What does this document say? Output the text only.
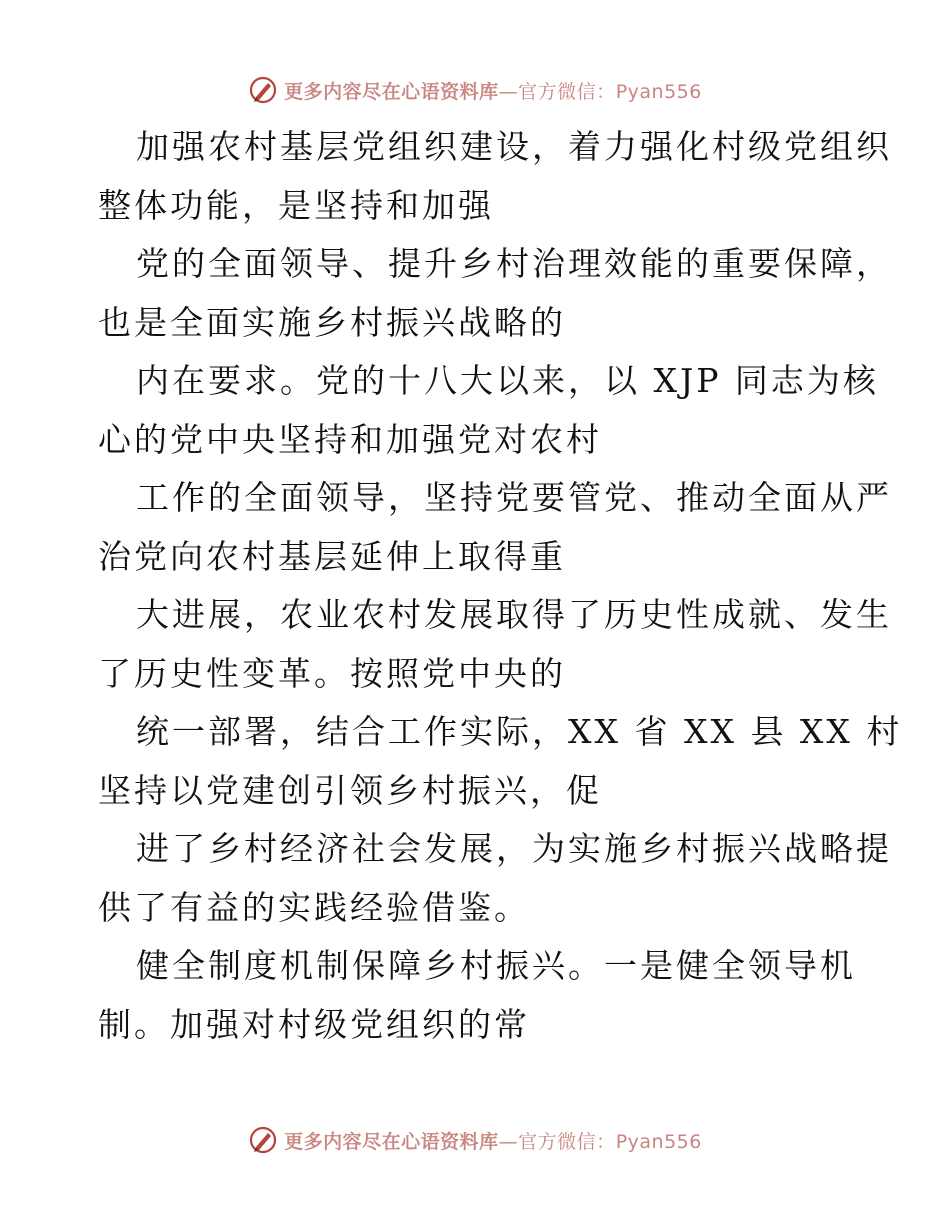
更多内容尽在心语资料库—官方微信：Pyan556

加强农村基层党组织建设，着力强化村级党组织
整体功能，是坚持和加强

党的全面领导、提升乡村治理效能的重要保障，
也是全面实施乡村振兴战略的

内在要求。党的十八大以来，以 XJP 同志为核
心的党中央坚持和加强党对农村

工作的全面领导，坚持党要管党、推动全面从严
治党向农村基层延伸上取得重

大进展，农业农村发展取得了历史性成就、发生
了历史性变革。按照党中央的

统一部署，结合工作实际，XX 省 XX 县 XX 村
坚持以党建创引领乡村振兴，促

进了乡村经济社会发展，为实施乡村振兴战略提
供了有益的实践经验借鉴。

健全制度机制保障乡村振兴。一是健全领导机
制。加强对村级党组织的常

更多内容尽在心语资料库—官方微信：Pyan556
